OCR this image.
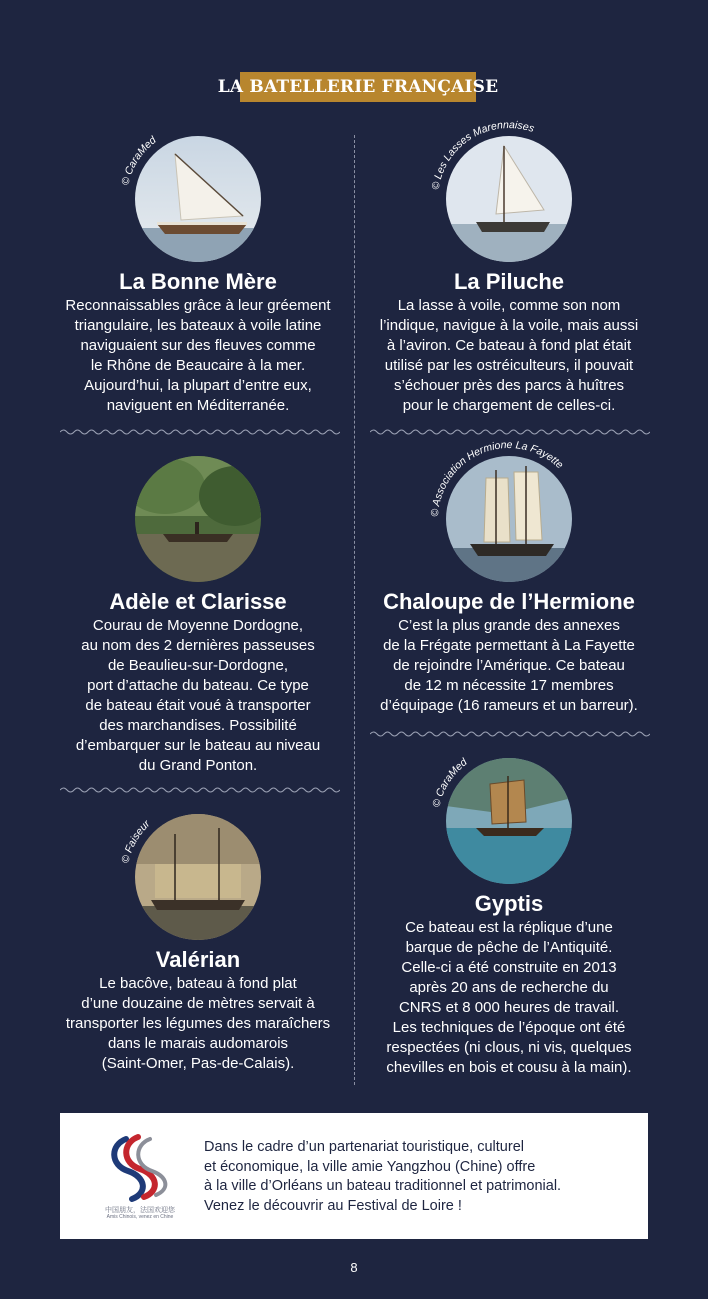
LA BATELLERIE FRANÇAISE
© CaraMed
La Bonne Mère
Reconnaissables grâce à leur gréement
triangulaire, les bateaux à voile latine
naviguaient sur des fleuves comme
le Rhône de Beaucaire à la mer.
Aujourd’hui, la plupart d’entre eux,
naviguent en Méditerranée.
© Les Lasses Marennaises
La Piluche
La lasse à voile, comme son nom
l’indique, navigue à la voile, mais aussi
à l’aviron. Ce bateau à fond plat était
utilisé par les ostréiculteurs, il pouvait
s’échouer près des parcs à huîtres
pour le chargement de celles-ci.
Adèle et Clarisse
Courau de Moyenne Dordogne,
au nom des 2 dernières passeuses
de Beaulieu-sur-Dordogne,
port d’attache du bateau. Ce type
de bateau était voué à transporter
des marchandises. Possibilité
d’embarquer sur le bateau au niveau
du Grand Ponton.
© Association Hermione La Fayette
Chaloupe de l’Hermione
C’est la plus grande des annexes
de la Frégate permettant à La Fayette
de rejoindre l’Amérique. Ce bateau
de 12 m nécessite 17 membres
d’équipage (16 rameurs et un barreur).
© Faiseur
Valérian
Le bacôve, bateau à fond plat
d’une douzaine de mètres servait à
transporter les légumes des maraîchers
dans le marais audomarois
(Saint-Omer, Pas-de-Calais).
© CaraMed
Gyptis
Ce bateau est la réplique d’une
barque de pêche de l’Antiquité.
Celle-ci a été construite en 2013
après 20 ans de recherche du
CNRS et 8 000 heures de travail.
Les techniques de l’époque ont été
respectées (ni clous, ni vis, quelques
chevilles en bois et cousu à la main).
中国朋友，法国欢迎您
Amis Chinois, venez en Chine
Dans le cadre d’un partenariat touristique, culturel
et économique, la ville amie Yangzhou (Chine) offre
à la ville d’Orléans un bateau traditionnel et patrimonial.
Venez le découvrir au Festival de Loire !
8
